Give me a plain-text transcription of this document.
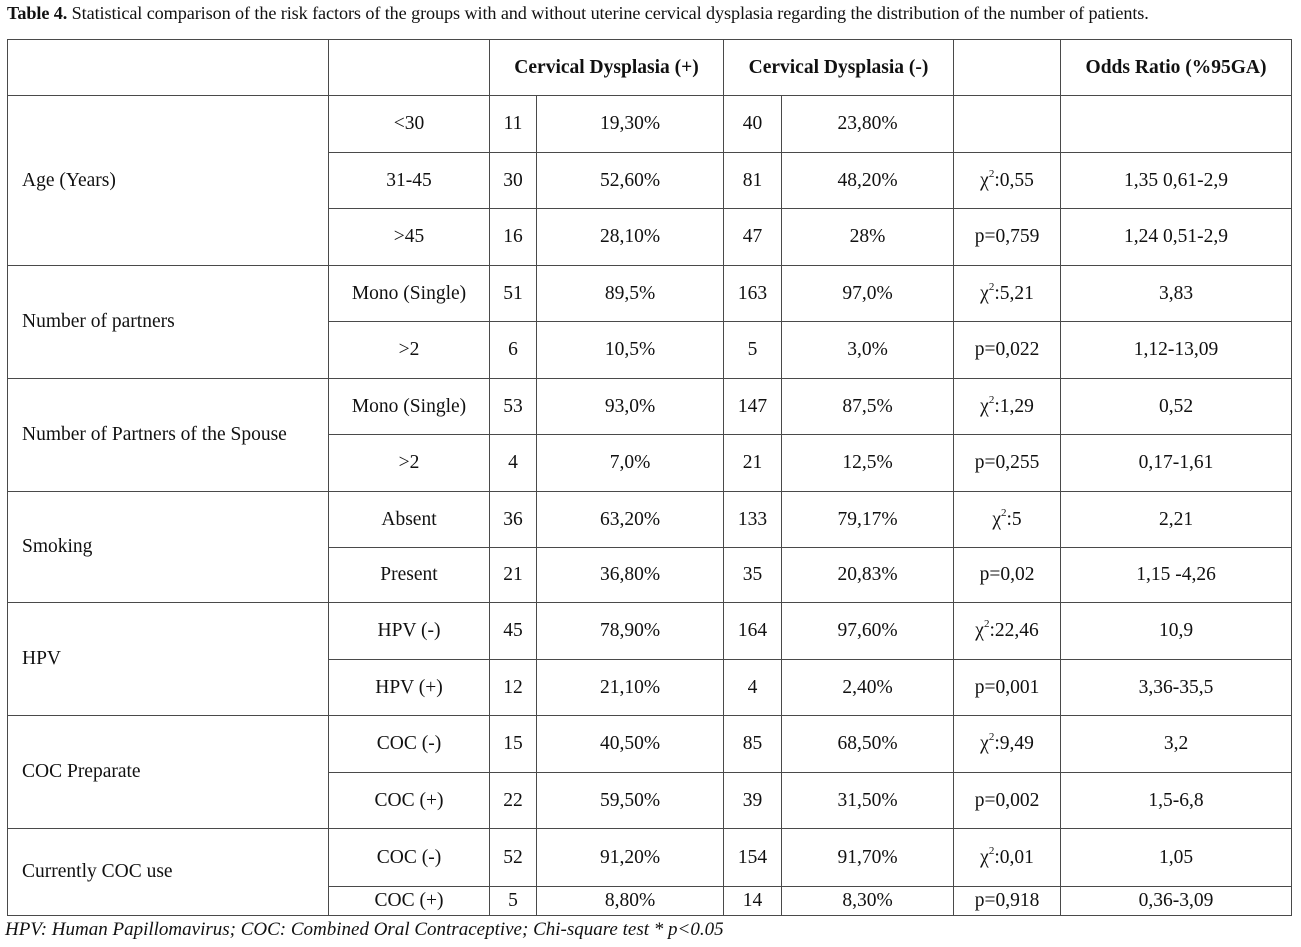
Table 4. Statistical comparison of the risk factors of the groups with and without uterine cervical dysplasia regarding the distribution of the number of patients.
		Cervical Dysplasia (+)		Cervical Dysplasia (-)			Odds Ratio (%95GA)
Age (Years)	<30	11	19,30%	40	23,80%		
	31-45	30	52,60%	81	48,20%	$\chi^2:0,55$	1,35 0,61-2,9
	>45	16	28,10%	47	28%	p=0,759	1,24 0,51-2,9
Number of partners	Mono (Single)	51	89,5%	163	97,0%	$\chi^2:5,21$	3,83
	>2	6	10,5%	5	3,0%	p=0,022	1,12-13,09
Number of Partners of the Spouse	Mono (Single)	53	93,0%	147	87,5%	$\chi^2:1,29$	0,52
	>2	4	7,0%	21	12,5%	p=0,255	0,17-1,61
Smoking	Absent	36	63,20%	133	79,17%	$\chi^2:5$	2,21
	Present	21	36,80%	35	20,83%	p=0,02	1,15 -4,26
HPV	HPV (-)	45	78,90%	164	97,60%	$\chi^2:22,46$	10,9
	HPV (+)	12	21,10%	4	2,40%	p=0,001	3,36-35,5
COC Preparate	COC (-)	15	40,50%	85	68,50%	$\chi^2:9,49$	3,2
	COC (+)	22	59,50%	39	31,50%	p=0,002	1,5-6,8
Currently COC use	COC (-)	52	91,20%	154	91,70%	$\chi^2:0,01$	1,05
	COC (+)	5	8,80%	14	8,30%	p=0,918	0,36-3,09
HPV: Human Papillomavirus; COC: Combined Oral Contraceptive; Chi-square test * p<0.05
